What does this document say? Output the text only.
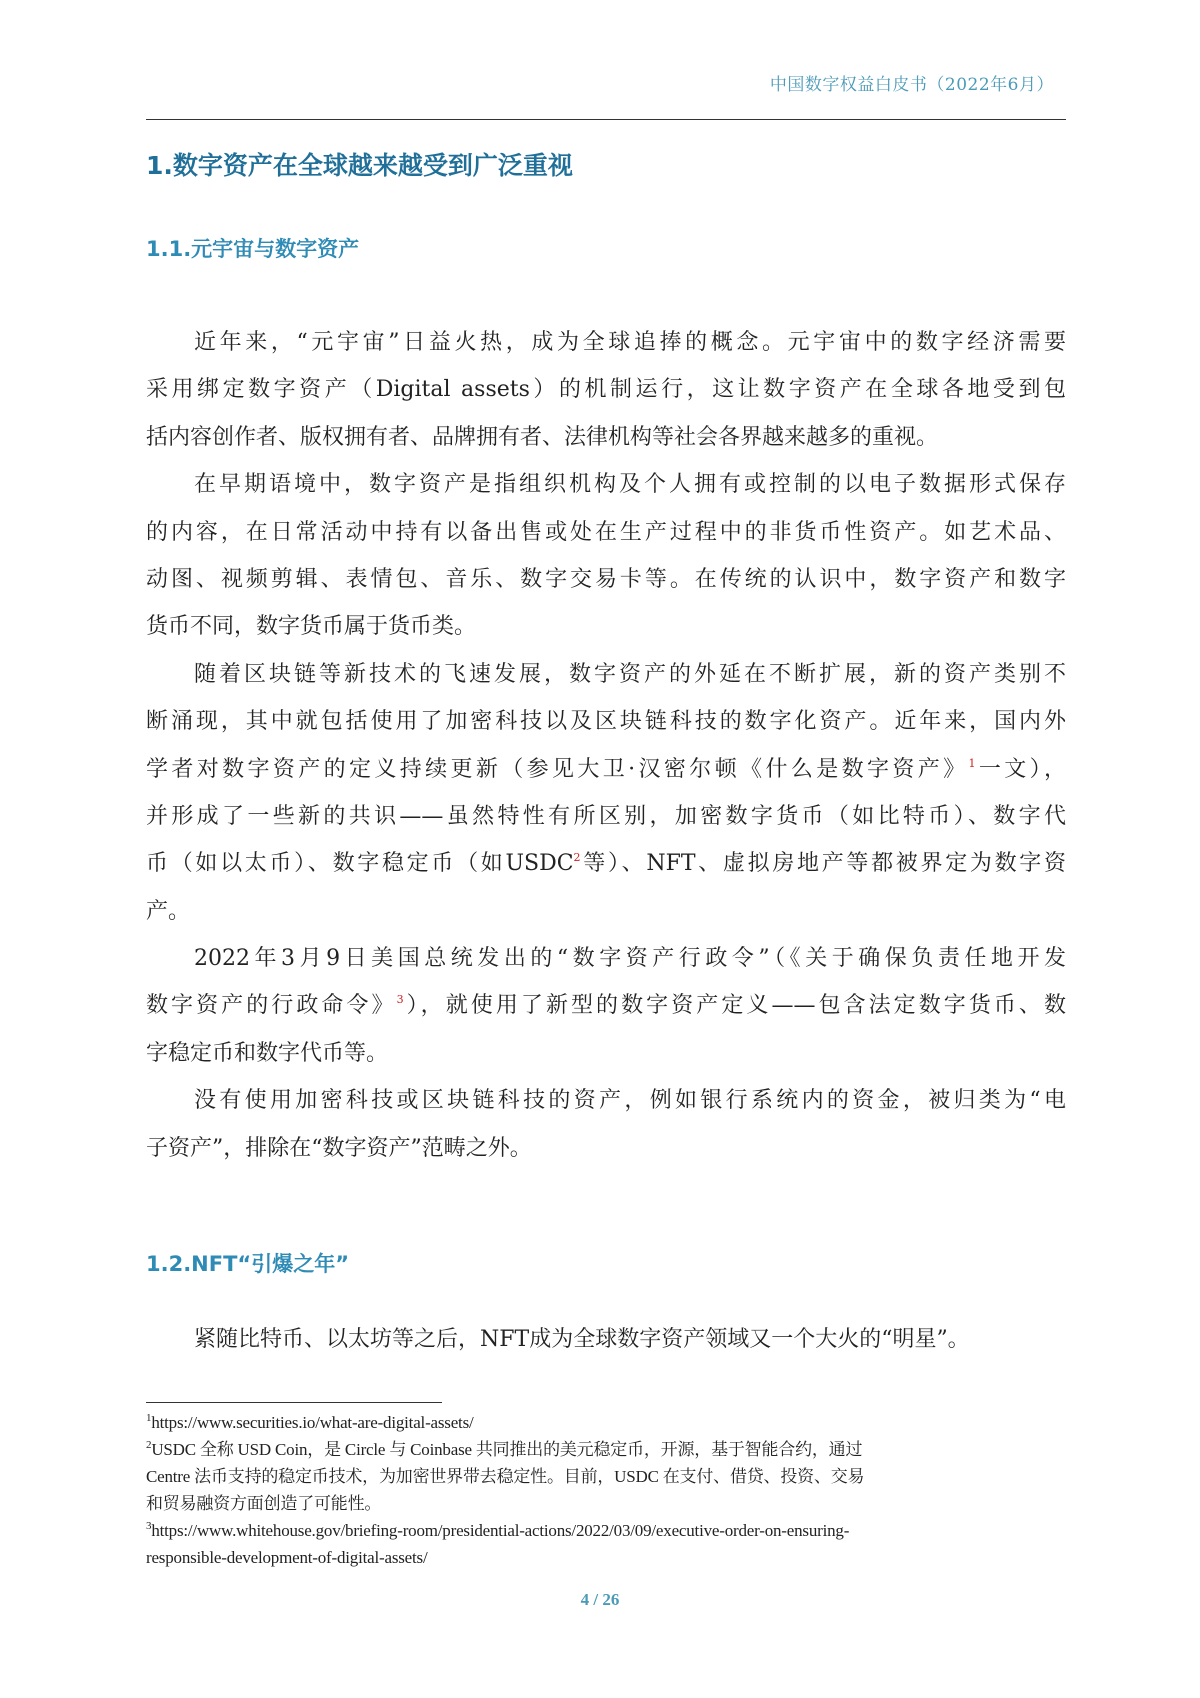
中国数字权益白皮书（2022年6月）
1.数字资产在全球越来越受到广泛重视
1.1.元宇宙与数字资产
近年来，“元宇宙”日益火热，成为全球追捧的概念。元宇宙中的数字经济需要
采用绑定数字资产（Digital assets）的机制运行，这让数字资产在全球各地受到包
括内容创作者、版权拥有者、品牌拥有者、法律机构等社会各界越来越多的重视。
在早期语境中，数字资产是指组织机构及个人拥有或控制的以电子数据形式保存
的内容，在日常活动中持有以备出售或处在生产过程中的非货币性资产。如艺术品、
动图、视频剪辑、表情包、音乐、数字交易卡等。在传统的认识中，数字资产和数字
货币不同，数字货币属于货币类。
随着区块链等新技术的飞速发展，数字资产的外延在不断扩展，新的资产类别不
断涌现，其中就包括使用了加密科技以及区块链科技的数字化资产。近年来，国内外
学者对数字资产的定义持续更新（参见大卫·汉密尔顿《什么是数字资产》$^1$一文），
并形成了一些新的共识——虽然特性有所区别，加密数字货币（如比特币）、数字代
币（如以太币）、数字稳定币（如USDC$^2$等）、NFT、虚拟房地产等都被界定为数字资
产。
2022年3月9日美国总统发出的“数字资产行政令”（《关于确保负责任地开发
数字资产的行政命令》$^3$），就使用了新型的数字资产定义——包含法定数字货币、数
字稳定币和数字代币等。
没有使用加密科技或区块链科技的资产，例如银行系统内的资金，被归类为“电
子资产”，排除在“数字资产”范畴之外。
1.2.NFT“引爆之年”
紧随比特币、以太坊等之后，NFT成为全球数字资产领域又一个大火的“明星”。
$^1$https://www.securities.io/what-are-digital-assets/
$^2$USDC 全称 USD Coin，是 Circle 与 Coinbase 共同推出的美元稳定币，开源，基于智能合约，通过
Centre 法币支持的稳定币技术，为加密世界带去稳定性。目前，USDC 在支付、借贷、投资、交易
和贸易融资方面创造了可能性。
$^3$https://www.whitehouse.gov/briefing-room/presidential-actions/2022/03/09/executive-order-on-ensuring-
responsible-development-of-digital-assets/
4 / 26
